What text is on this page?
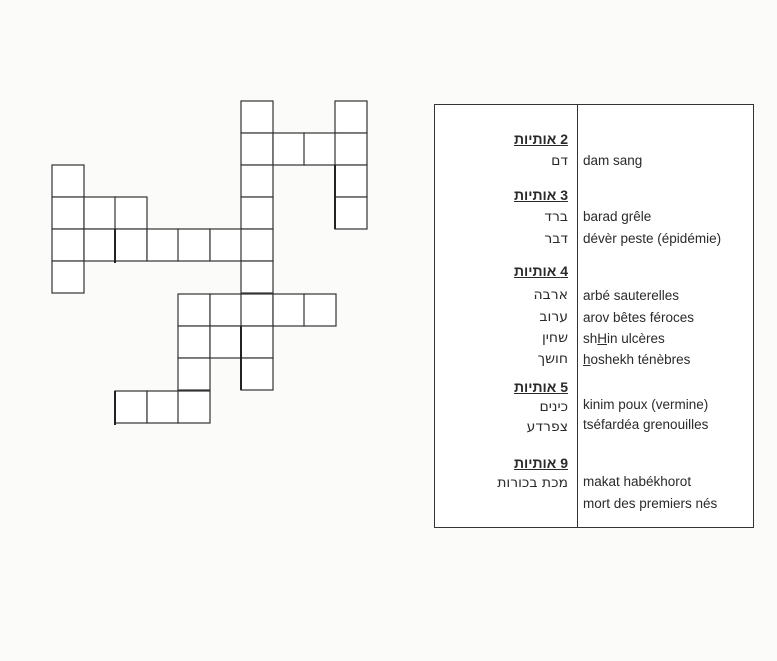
2 אותיות
דם dam sang
3 אותיות
ברד barad grêle
דבר dévèr peste (épidémie)
4 אותיות
ארבה arbé sauterelles
ערוב arov bêtes féroces
שחין shHin ulcères
חושך hoshekh ténèbres
5 אותיות
כינים kinim poux (vermine)
צפרדע tséfardéa grenouilles
9 אותיות
מכת בכורות makat habékhorot
mort des premiers nés
